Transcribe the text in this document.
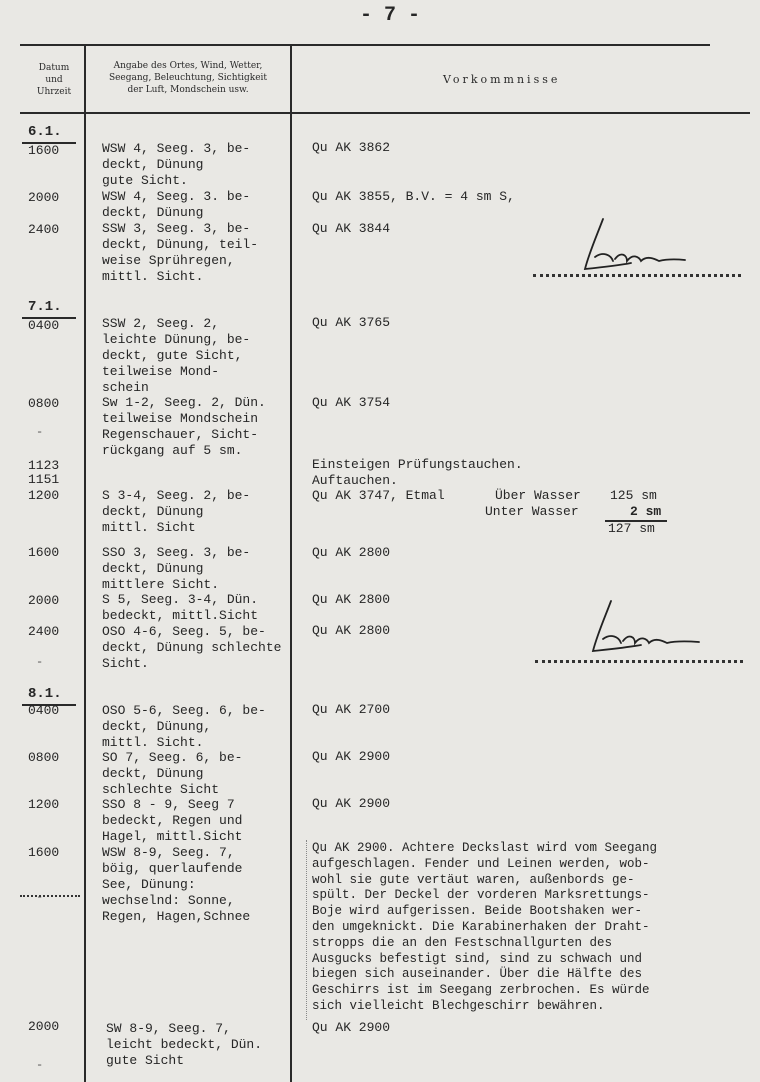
- 7 -
Datum
und
Uhrzeit
Angabe des Ortes, Wind, Wetter,
Seegang, Beleuchtung, Sichtigkeit
der Luft, Mondschein usw.
Vorkommnisse
6.1.
7.1.
8.1.
1600
2000
2400
0400
0800
1123
1151
1200
1600
2000
2400
0400
0800
1200
1600
2000
-
-
-
-
WSW 4, Seeg. 3, be-
deckt, Dünung
gute Sicht.
WSW 4, Seeg. 3. be-
deckt, Dünung
SSW 3, Seeg. 3, be-
deckt, Dünung, teil-
weise Sprühregen,
mittl. Sicht.
SSW 2, Seeg. 2,
leichte Dünung, be-
deckt, gute Sicht,
teilweise Mond-
schein
Sw 1-2, Seeg. 2, Dün.
teilweise Mondschein
Regenschauer, Sicht-
rückgang auf 5 sm.
S 3-4, Seeg. 2, be-
deckt, Dünung
mittl. Sicht
SSO 3, Seeg. 3, be-
deckt, Dünung
mittlere Sicht.
S 5, Seeg. 3-4, Dün.
bedeckt, mittl.Sicht
OSO 4-6, Seeg. 5, be-
deckt, Dünung schlechte
Sicht.
OSO 5-6, Seeg. 6, be-
deckt, Dünung,
mittl. Sicht.
SO 7, Seeg. 6, be-
deckt, Dünung
schlechte Sicht
SSO 8 - 9, Seeg 7
bedeckt, Regen und
Hagel, mittl.Sicht
WSW 8-9, Seeg. 7,
böig, querlaufende
See, Dünung:
wechselnd: Sonne,
Regen, Hagen,Schnee
SW 8-9, Seeg. 7,
leicht bedeckt, Dün.
gute Sicht
Qu AK 3862
Qu AK 3855, B.V. = 4 sm S,
Qu AK 3844
Qu AK 3765
Qu AK 3754
Einsteigen Prüfungstauchen.
Auftauchen.
Qu AK 3747, Etmal	Über Wasser 125 sm
Unter Wasser	2 sm
127 sm
Qu AK 2800
Qu AK 2800
Qu AK 2800
Qu AK 2700
Qu AK 2900
Qu AK 2900
Qu AK 2900. Achtere Deckslast wird vom Seegang
aufgeschlagen. Fender und Leinen werden, wob-
wohl sie gute vertäut waren, außenbords ge-
spült. Der Deckel der vorderen Marksrettungs-
Boje wird aufgerissen. Beide Bootshaken wer-
den umgeknickt. Die Karabinerhaken der Draht-
stropps die an den Festschnallgurten des
Ausgucks befestigt sind, sind zu schwach und
biegen sich auseinander. Über die Hälfte des
Geschirrs ist im Seegang zerbrochen. Es würde
sich vielleicht Blechgeschirr bewähren.
Qu AK 2900
